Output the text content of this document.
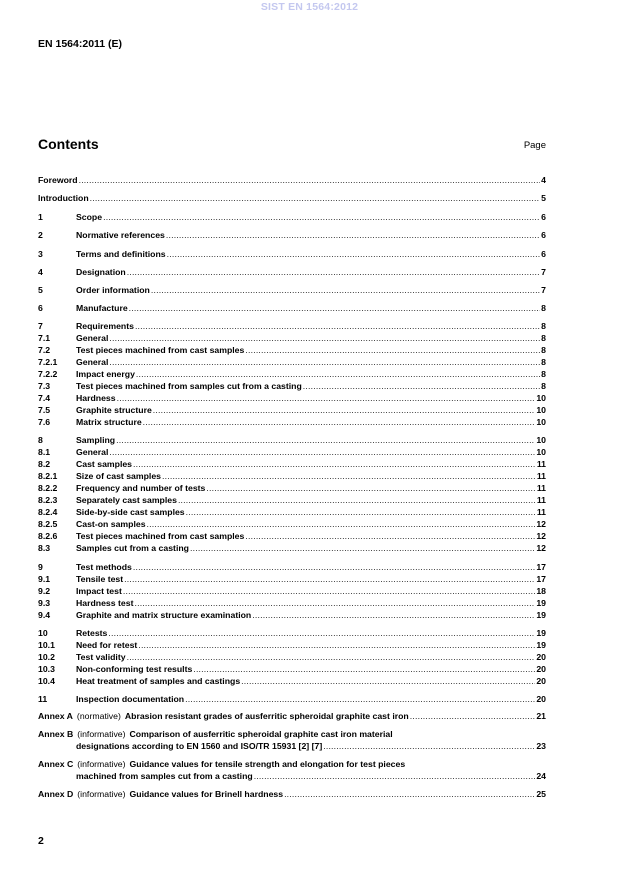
SIST EN 1564:2012
EN 1564:2011 (E)
Contents	Page
Foreword .....	4
Introduction .....	5
1	Scope .....	6
2	Normative references .....	6
3	Terms and definitions .....	6
4	Designation .....	7
5	Order information .....	7
6	Manufacture .....	8
7	Requirements .....	8
7.1	General .....	8
7.2	Test pieces machined from cast samples .....	8
7.2.1	General .....	8
7.2.2	Impact energy .....	8
7.3	Test pieces machined from samples cut from a casting .....	8
7.4	Hardness .....	10
7.5	Graphite structure .....	10
7.6	Matrix structure .....	10
8	Sampling .....	10
8.1	General .....	10
8.2	Cast samples .....	11
8.2.1	Size of cast samples .....	11
8.2.2	Frequency and number of tests .....	11
8.2.3	Separately cast samples .....	11
8.2.4	Side-by-side cast samples .....	11
8.2.5	Cast-on samples .....	12
8.2.6	Test pieces machined from cast samples .....	12
8.3	Samples cut from a casting .....	12
9	Test methods .....	17
9.1	Tensile test .....	17
9.2	Impact test .....	18
9.3	Hardness test .....	19
9.4	Graphite and matrix structure examination .....	19
10	Retests .....	19
10.1	Need for retest .....	19
10.2	Test validity .....	20
10.3	Non-conforming test results .....	20
10.4	Heat treatment of samples and castings .....	20
11	Inspection documentation .....	20
Annex A (normative) Abrasion resistant grades of ausferritic spheroidal graphite cast iron .....	21
Annex B (informative) Comparison of ausferritic spheroidal graphite cast iron material
designations according to EN 1560 and ISO/TR 15931 [2] [7] .....	23
Annex C (informative) Guidance values for tensile strength and elongation for test pieces
machined from samples cut from a casting .....	24
Annex D (informative) Guidance values for Brinell hardness .....	25
2
